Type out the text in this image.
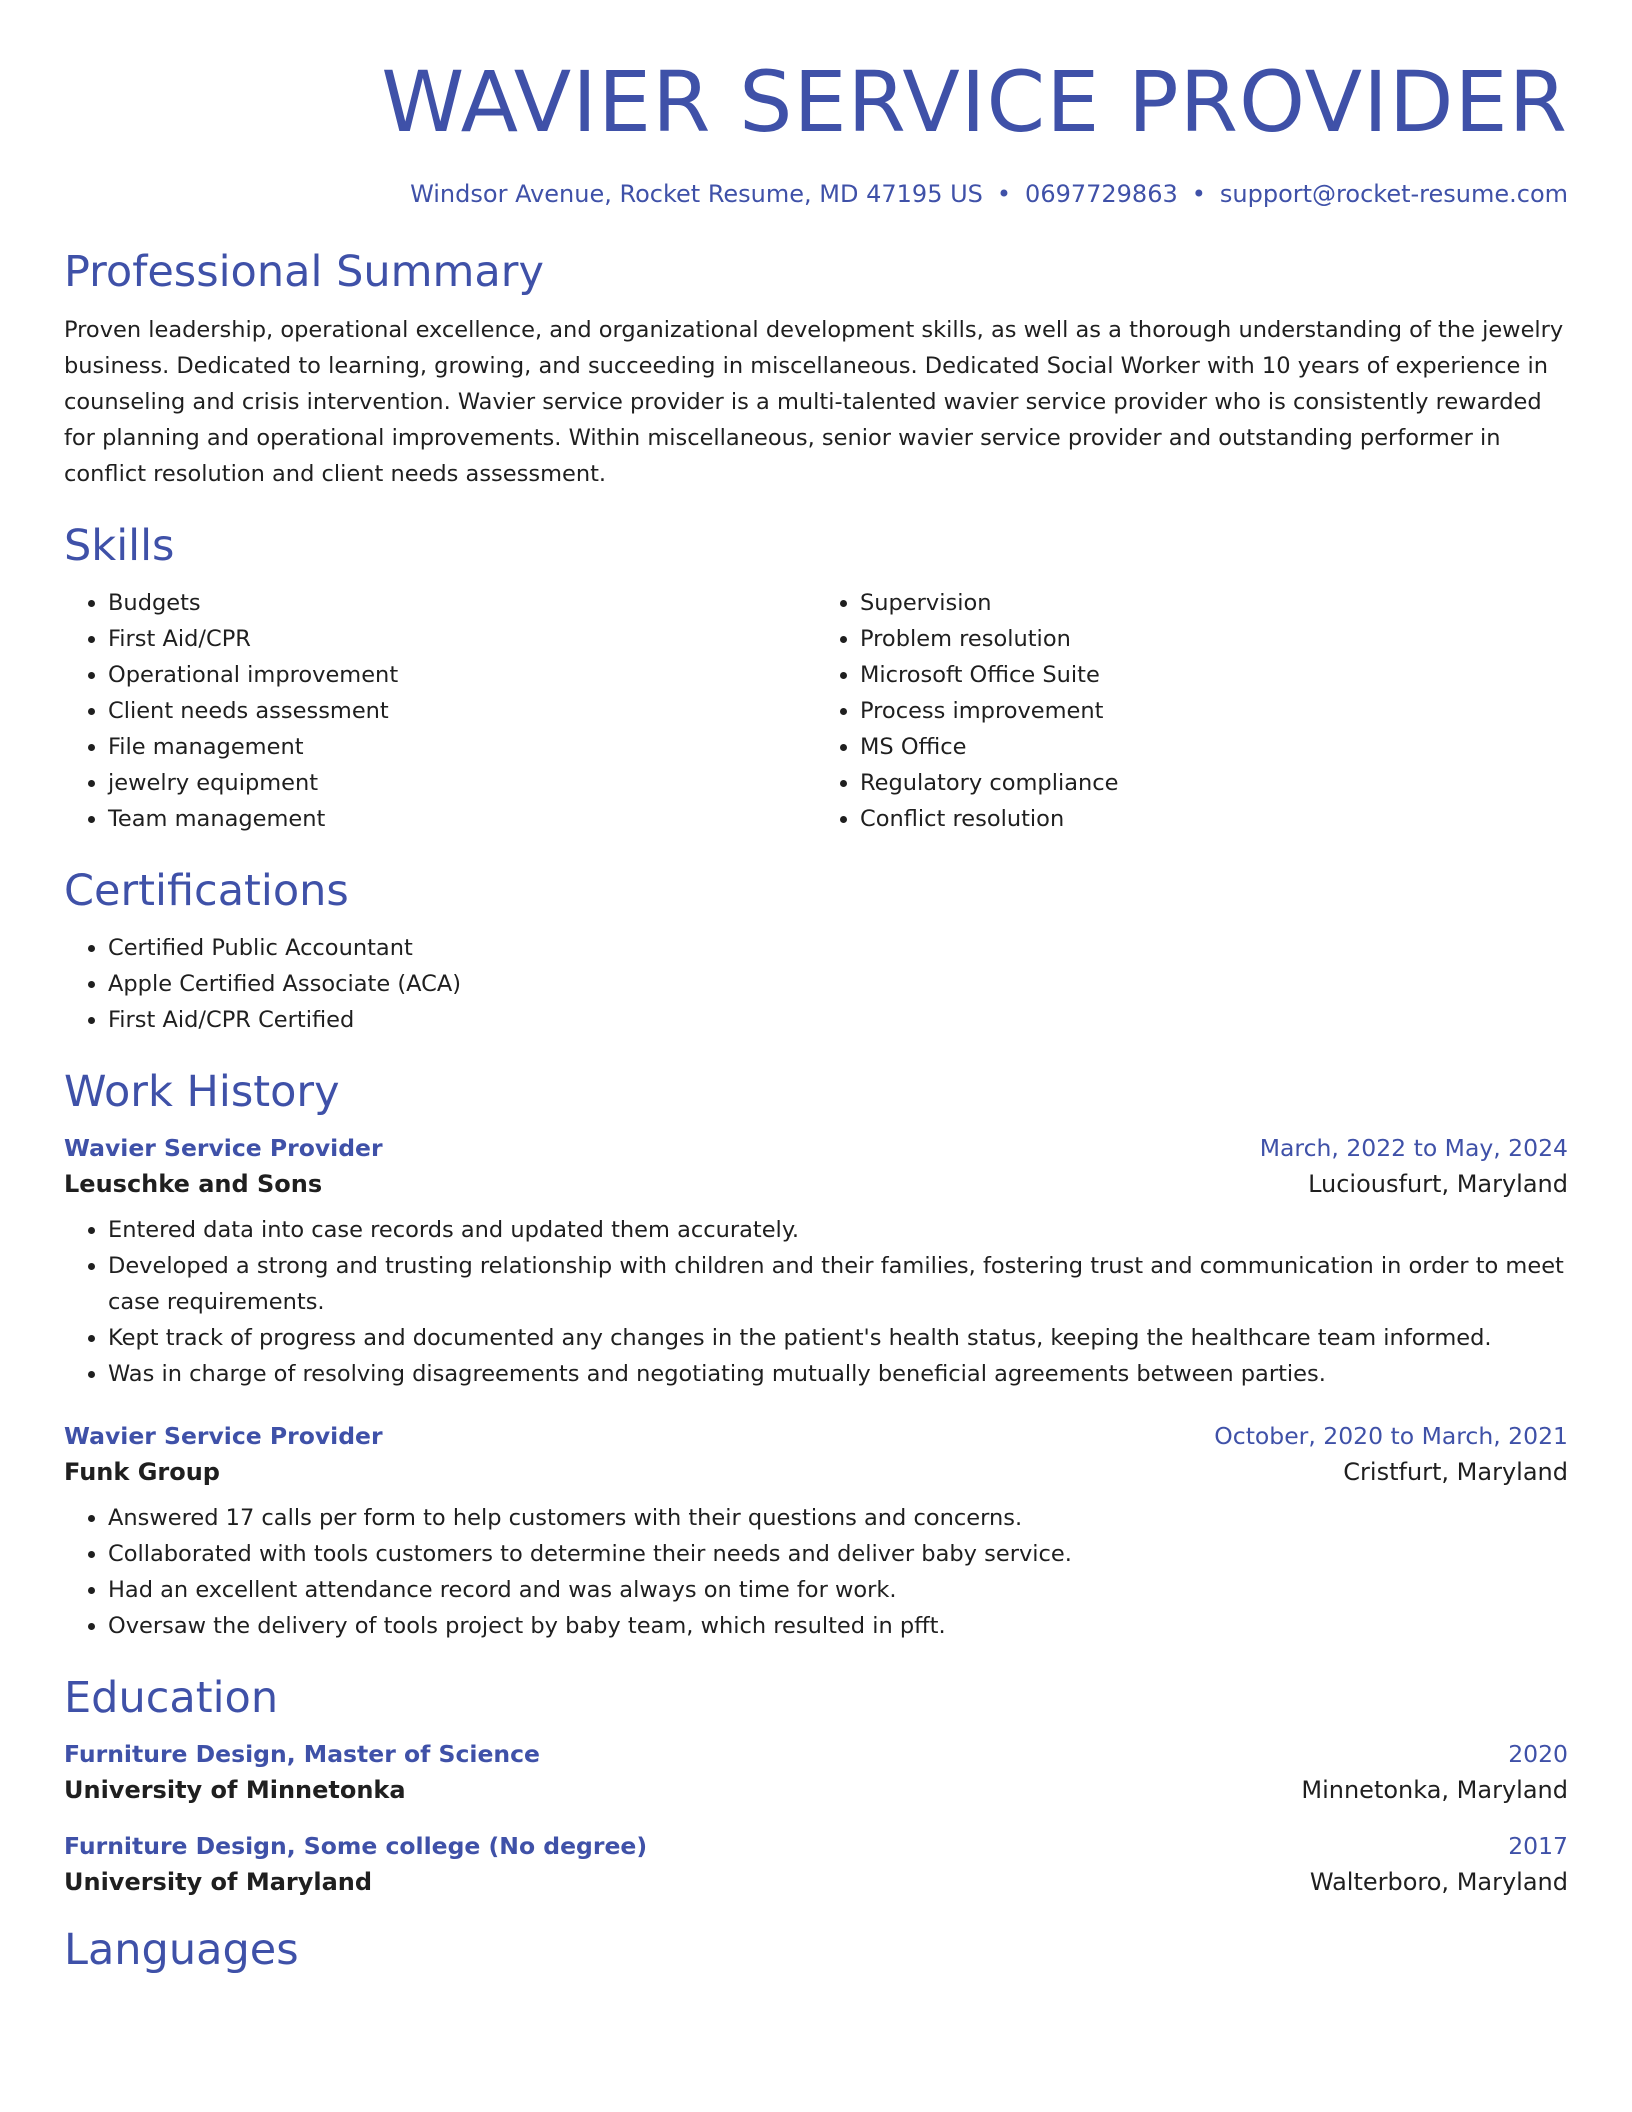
WAVIER SERVICE PROVIDER
Windsor Avenue, Rocket Resume, MD 47195 US • 0697729863 • support@rocket-resume.com
Professional Summary
Proven leadership, operational excellence, and organizational development skills, as well as a thorough understanding of the jewelry business. Dedicated to learning, growing, and succeeding in miscellaneous. Dedicated Social Worker with 10 years of experience in counseling and crisis intervention. Wavier service provider is a multi-talented wavier service provider who is consistently rewarded for planning and operational improvements. Within miscellaneous, senior wavier service provider and outstanding performer in conflict resolution and client needs assessment.
Skills
• Budgets
• First Aid/CPR
• Operational improvement
• Client needs assessment
• File management
• jewelry equipment
• Team management
• Supervision
• Problem resolution
• Microsoft Office Suite
• Process improvement
• MS Office
• Regulatory compliance
• Conflict resolution
Certifications
• Certified Public Accountant
• Apple Certified Associate (ACA)
• First Aid/CPR Certified
Work History
Wavier Service Provider	March, 2022 to May, 2024
Leuschke and Sons	Luciousfurt, Maryland
• Entered data into case records and updated them accurately.
• Developed a strong and trusting relationship with children and their families, fostering trust and communication in order to meet case requirements.
• Kept track of progress and documented any changes in the patient's health status, keeping the healthcare team informed.
• Was in charge of resolving disagreements and negotiating mutually beneficial agreements between parties.
Wavier Service Provider	October, 2020 to March, 2021
Funk Group	Cristfurt, Maryland
• Answered 17 calls per form to help customers with their questions and concerns.
• Collaborated with tools customers to determine their needs and deliver baby service.
• Had an excellent attendance record and was always on time for work.
• Oversaw the delivery of tools project by baby team, which resulted in pfft.
Education
Furniture Design, Master of Science	2020
University of Minnetonka	Minnetonka, Maryland
Furniture Design, Some college (No degree)	2017
University of Maryland	Walterboro, Maryland
Languages
